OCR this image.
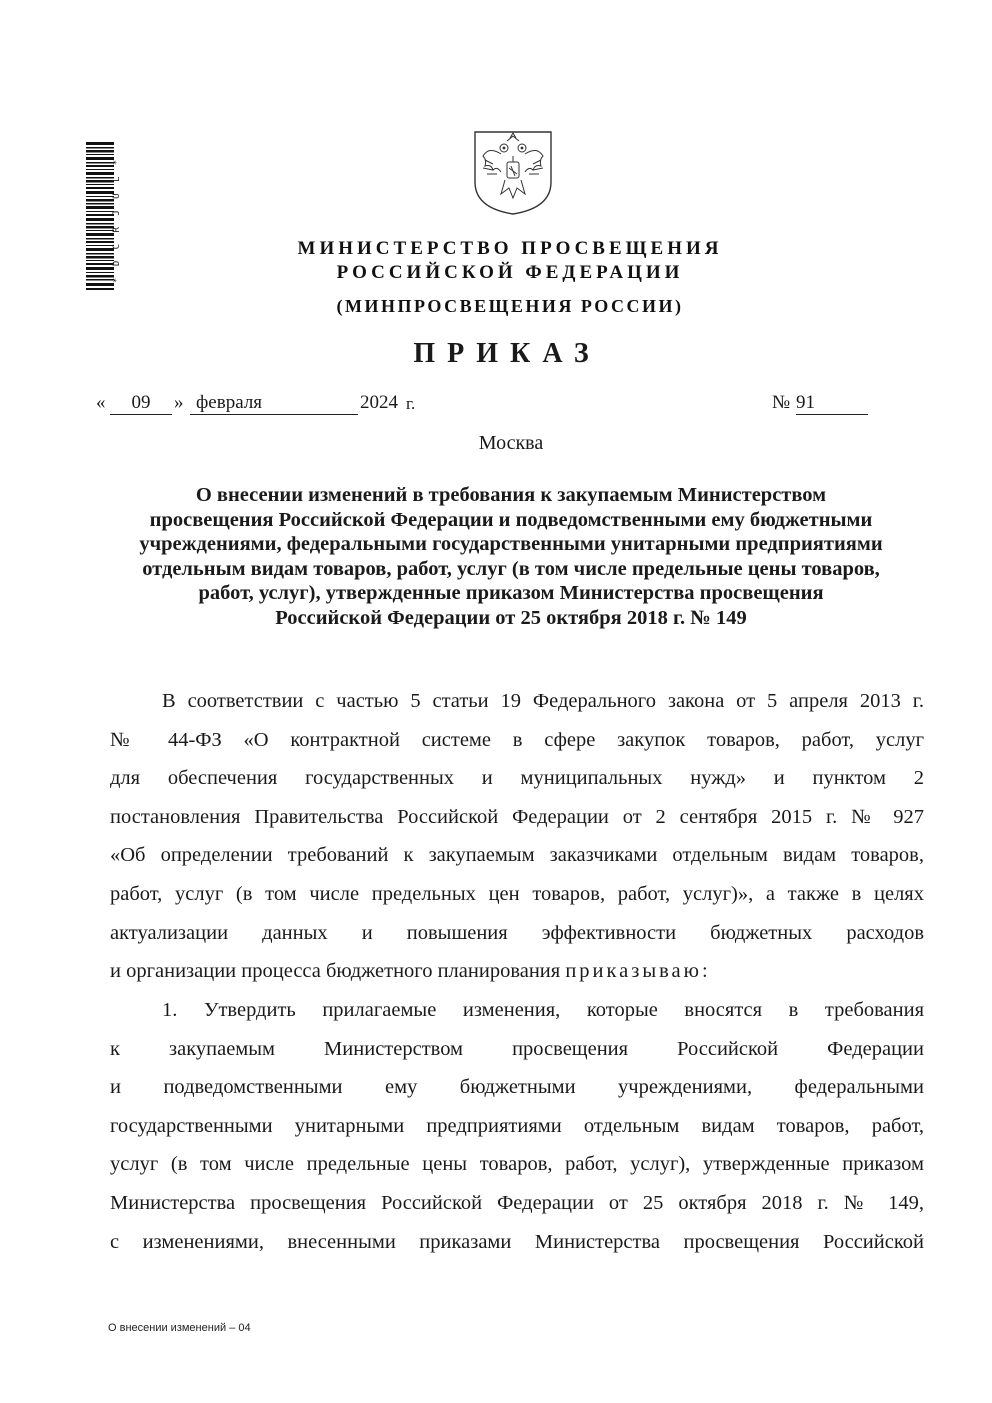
* D C R J U L *	МИНИСТЕРСТВО ПРОСВЕЩЕНИЯ
РОССИЙСКОЙ ФЕДЕРАЦИИ
(МИНПРОСВЕЩЕНИЯ РОССИИ)
ПРИКАЗ
«	09	» февраля	2024 г.	№ 91
Москва
О внесении изменений в требования к закупаемым Министерством
просвещения Российской Федерации и подведомственными ему бюджетными
учреждениями, федеральными государственными унитарными предприятиями
отдельным видам товаров, работ, услуг (в том числе предельные цены товаров,
работ, услуг), утвержденные приказом Министерства просвещения
Российской Федерации от 25 октября 2018 г. № 149
В соответствии с частью 5 статьи 19 Федерального закона от 5 апреля 2013 г.
№ 44-ФЗ «О контрактной системе в сфере закупок товаров, работ, услуг
для обеспечения государственных и муниципальных нужд» и пунктом 2
постановления Правительства Российской Федерации от 2 сентября 2015 г. № 927
«Об определении требований к закупаемым заказчиками отдельным видам товаров,
работ, услуг (в том числе предельных цен товаров, работ, услуг)», а также в целях
актуализации данных и повышения эффективности бюджетных расходов
и организации процесса бюджетного планирования приказываю:
1. Утвердить прилагаемые изменения, которые вносятся в требования
к закупаемым Министерством просвещения Российской Федерации
и подведомственными ему бюджетными учреждениями, федеральными
государственными унитарными предприятиями отдельным видам товаров, работ,
услуг (в том числе предельные цены товаров, работ, услуг), утвержденные приказом
Министерства просвещения Российской Федерации от 25 октября 2018 г. № 149,
с изменениями, внесенными приказами Министерства просвещения Российской
О внесении изменений – 04
